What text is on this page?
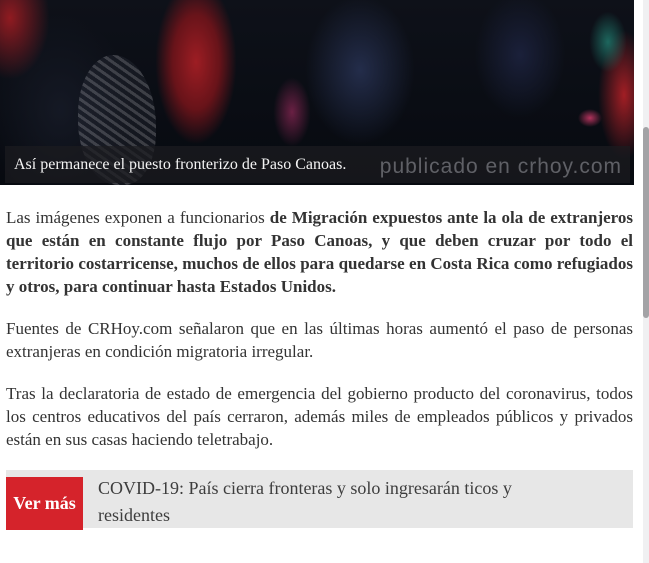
Así permanece el puesto fronterizo de Paso Canoas. publicado en crhoy.com

Las imágenes exponen a funcionarios de Migración expuestos ante la ola de extranjeros que están en constante flujo por Paso Canoas, y que deben cruzar por todo el territorio costarricense, muchos de ellos para quedarse en Costa Rica como refugiados y otros, para continuar hasta Estados Unidos.

Fuentes de CRHoy.com señalaron que en las últimas horas aumentó el paso de personas extranjeras en condición migratoria irregular.

Tras la declaratoria de estado de emergencia del gobierno producto del coronavirus, todos los centros educativos del país cerraron, además miles de empleados públicos y privados están en sus casas haciendo teletrabajo.

Ver más
COVID-19: País cierra fronteras y solo ingresarán ticos y residentes
